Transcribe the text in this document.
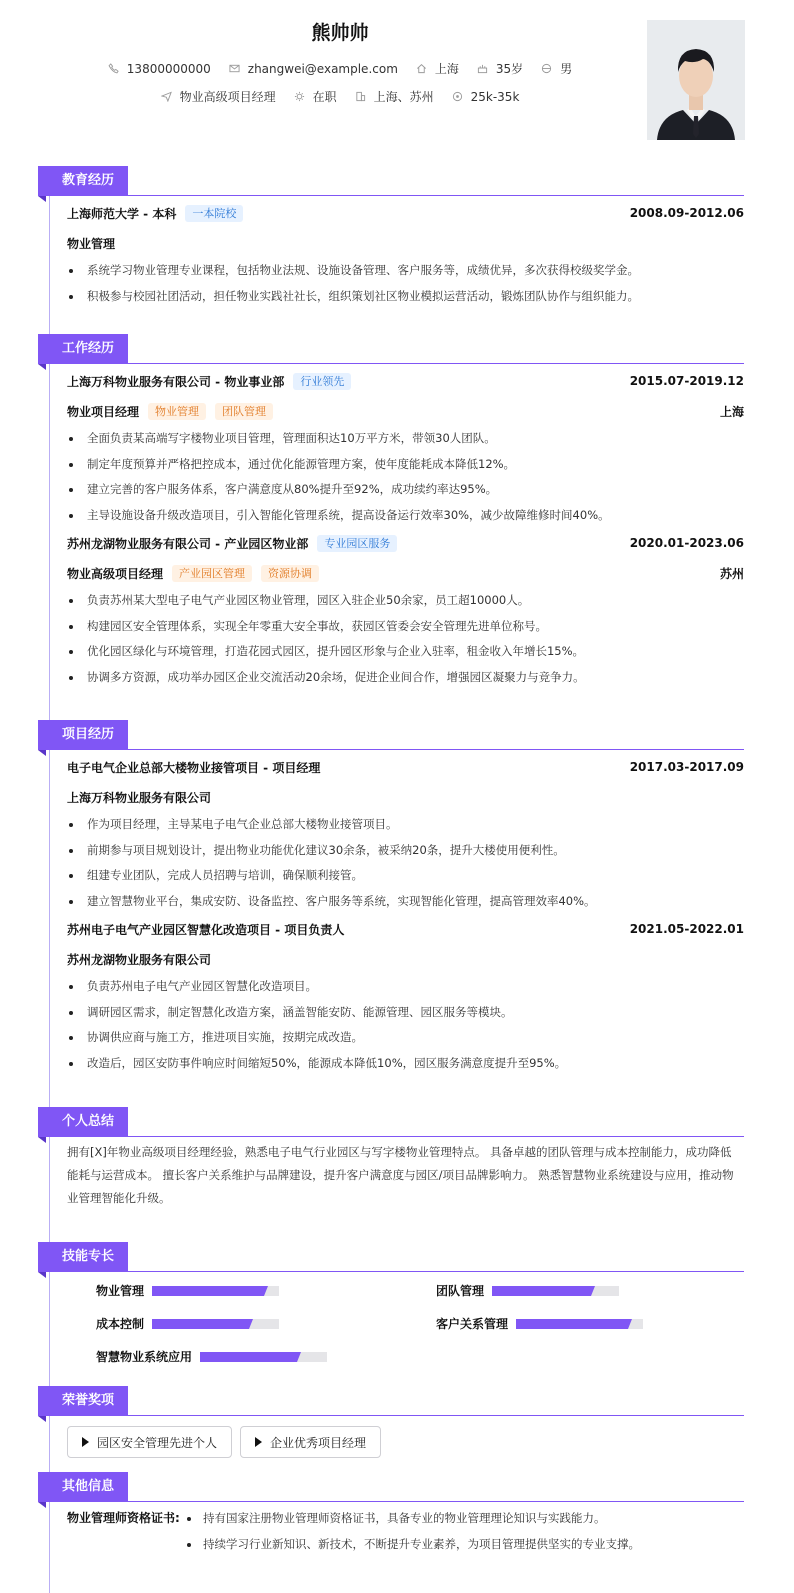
熊帅帅
13800000000	zhangwei@example.com	上海	35岁	男
物业高级项目经理	在职	上海、苏州	25k-35k
教育经历
上海师范大学 - 本科	一本院校	2008.09-2012.06
物业管理
系统学习物业管理专业课程，包括物业法规、设施设备管理、客户服务等，成绩优异，多次获得校级奖学金。
积极参与校园社团活动，担任物业实践社社长，组织策划社区物业模拟运营活动，锻炼团队协作与组织能力。
工作经历
上海万科物业服务有限公司 - 物业事业部	行业领先	2015.07-2019.12
物业项目经理	物业管理	团队管理	上海
全面负责某高端写字楼物业项目管理，管理面积达10万平方米，带领30人团队。
制定年度预算并严格把控成本，通过优化能源管理方案，使年度能耗成本降低12%。
建立完善的客户服务体系，客户满意度从80%提升至92%，成功续约率达95%。
主导设施设备升级改造项目，引入智能化管理系统，提高设备运行效率30%，减少故障维修时间40%。
苏州龙湖物业服务有限公司 - 产业园区物业部	专业园区服务	2020.01-2023.06
物业高级项目经理	产业园区管理	资源协调	苏州
负责苏州某大型电子电气产业园区物业管理，园区入驻企业50余家，员工超10000人。
构建园区安全管理体系，实现全年零重大安全事故，获园区管委会安全管理先进单位称号。
优化园区绿化与环境管理，打造花园式园区，提升园区形象与企业入驻率，租金收入年增长15%。
协调多方资源，成功举办园区企业交流活动20余场，促进企业间合作，增强园区凝聚力与竞争力。
项目经历
电子电气企业总部大楼物业接管项目 - 项目经理	2017.03-2017.09
上海万科物业服务有限公司
作为项目经理，主导某电子电气企业总部大楼物业接管项目。
前期参与项目规划设计，提出物业功能优化建议30余条，被采纳20条，提升大楼使用便利性。
组建专业团队，完成人员招聘与培训，确保顺利接管。
建立智慧物业平台，集成安防、设备监控、客户服务等系统，实现智能化管理，提高管理效率40%。
苏州电子电气产业园区智慧化改造项目 - 项目负责人	2021.05-2022.01
苏州龙湖物业服务有限公司
负责苏州电子电气产业园区智慧化改造项目。
调研园区需求，制定智慧化改造方案，涵盖智能安防、能源管理、园区服务等模块。
协调供应商与施工方，推进项目实施，按期完成改造。
改造后，园区安防事件响应时间缩短50%，能源成本降低10%，园区服务满意度提升至95%。
个人总结
拥有[X]年物业高级项目经理经验，熟悉电子电气行业园区与写字楼物业管理特点。 具备卓越的团队管理与成本控制能力，成功降低能耗与运营成本。 擅长客户关系维护与品牌建设，提升客户满意度与园区/项目品牌影响力。 熟悉智慧物业系统建设与应用，推动物业管理智能化升级。
技能专长
物业管理	团队管理
成本控制	客户关系管理
智慧物业系统应用
荣誉奖项
园区安全管理先进个人	企业优秀项目经理
其他信息
物业管理师资格证书:	持有国家注册物业管理师资格证书，具备专业的物业管理理论知识与实践能力。
持续学习行业新知识、新技术，不断提升专业素养，为项目管理提供坚实的专业支撑。
